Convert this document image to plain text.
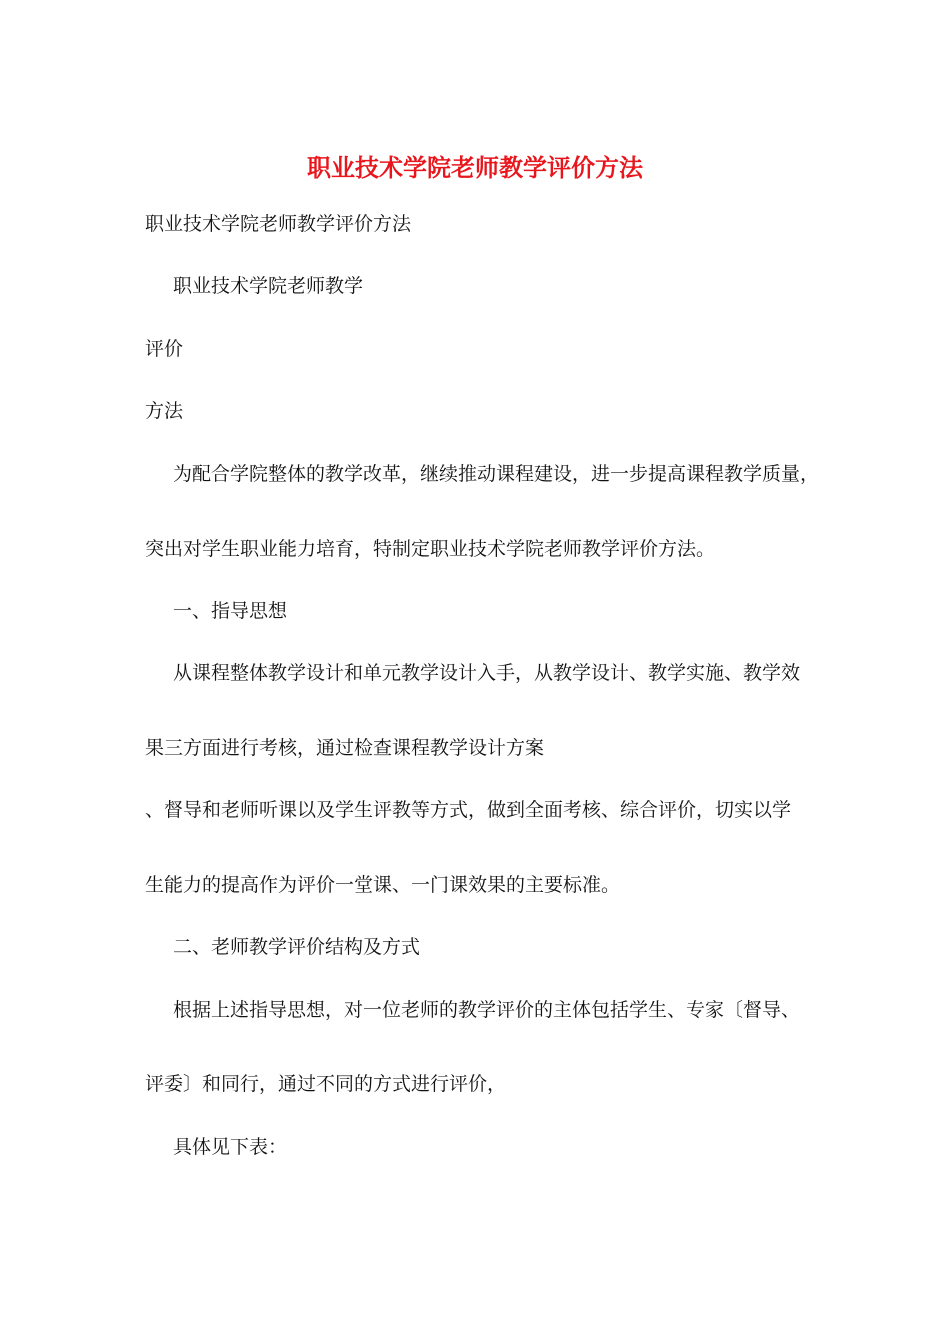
职业技术学院老师教学评价方法
职业技术学院老师教学评价方法
职业技术学院老师教学
评价
方法
为配合学院整体的教学改革，继续推动课程建设，进一步提高课程教学质量，
突出对学生职业能力培育，特制定职业技术学院老师教学评价方法。
一、指导思想
从课程整体教学设计和单元教学设计入手，从教学设计、教学实施、教学效
果三方面进行考核，通过检查课程教学设计方案
、督导和老师听课以及学生评教等方式，做到全面考核、综合评价，切实以学
生能力的提高作为评价一堂课、一门课效果的主要标准。
二、老师教学评价结构及方式
根据上述指导思想，对一位老师的教学评价的主体包括学生、专家〔督导、
评委〕和同行，通过不同的方式进行评价，
具体见下表：
